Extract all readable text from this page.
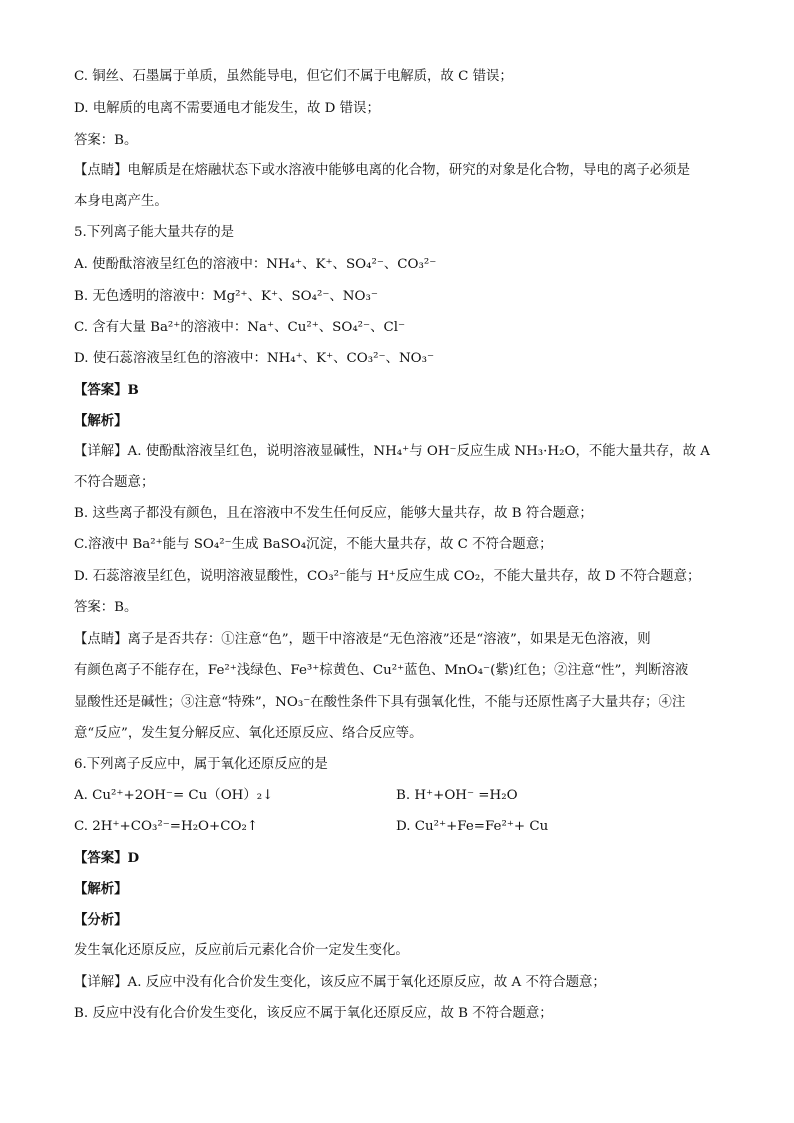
C. 铜丝、石墨属于单质，虽然能导电，但它们不属于电解质，故 C 错误；
D. 电解质的电离不需要通电才能发生，故 D 错误；
答案：B。
【点睛】电解质是在熔融状态下或水溶液中能够电离的化合物，研究的对象是化合物，导电的离子必须是
本身电离产生。
5.下列离子能大量共存的是
A. 使酚酞溶液呈红色的溶液中：NH₄⁺、K⁺、SO₄²⁻、CO₃²⁻
B. 无色透明的溶液中：Mg²⁺、K⁺、SO₄²⁻、NO₃⁻
C. 含有大量 Ba²⁺的溶液中：Na⁺、Cu²⁺、SO₄²⁻、Cl⁻
D. 使石蕊溶液呈红色的溶液中：NH₄⁺、K⁺、CO₃²⁻、NO₃⁻
【答案】B
【解析】
【详解】A. 使酚酞溶液呈红色，说明溶液显碱性，NH₄⁺与 OH⁻反应生成 NH₃·H₂O，不能大量共存，故 A
不符合题意；
B. 这些离子都没有颜色，且在溶液中不发生任何反应，能够大量共存，故 B 符合题意；
C.溶液中 Ba²⁺能与 SO₄²⁻生成 BaSO₄沉淀，不能大量共存，故 C 不符合题意；
D. 石蕊溶液呈红色，说明溶液显酸性，CO₃²⁻能与 H⁺反应生成 CO₂，不能大量共存，故 D 不符合题意；
答案：B。
【点睛】离子是否共存：①注意“色”，题干中溶液是“无色溶液”还是“溶液”，如果是无色溶液，则
有颜色离子不能存在，Fe²⁺浅绿色、Fe³⁺棕黄色、Cu²⁺蓝色、MnO₄⁻(紫)红色；②注意“性”，判断溶液
显酸性还是碱性；③注意“特殊”，NO₃⁻在酸性条件下具有强氧化性，不能与还原性离子大量共存；④注
意“反应”，发生复分解反应、氧化还原反应、络合反应等。
6.下列离子反应中，属于氧化还原反应的是
A. Cu²⁺+2OH⁻= Cu（OH）₂↓	B. H⁺+OH⁻ =H₂O
C. 2H⁺+CO₃²⁻=H₂O+CO₂↑	D. Cu²⁺+Fe=Fe²⁺+ Cu
【答案】D
【解析】
【分析】
发生氧化还原反应，反应前后元素化合价一定发生变化。
【详解】A. 反应中没有化合价发生变化，该反应不属于氧化还原反应，故 A 不符合题意；
B. 反应中没有化合价发生变化，该反应不属于氧化还原反应，故 B 不符合题意；
